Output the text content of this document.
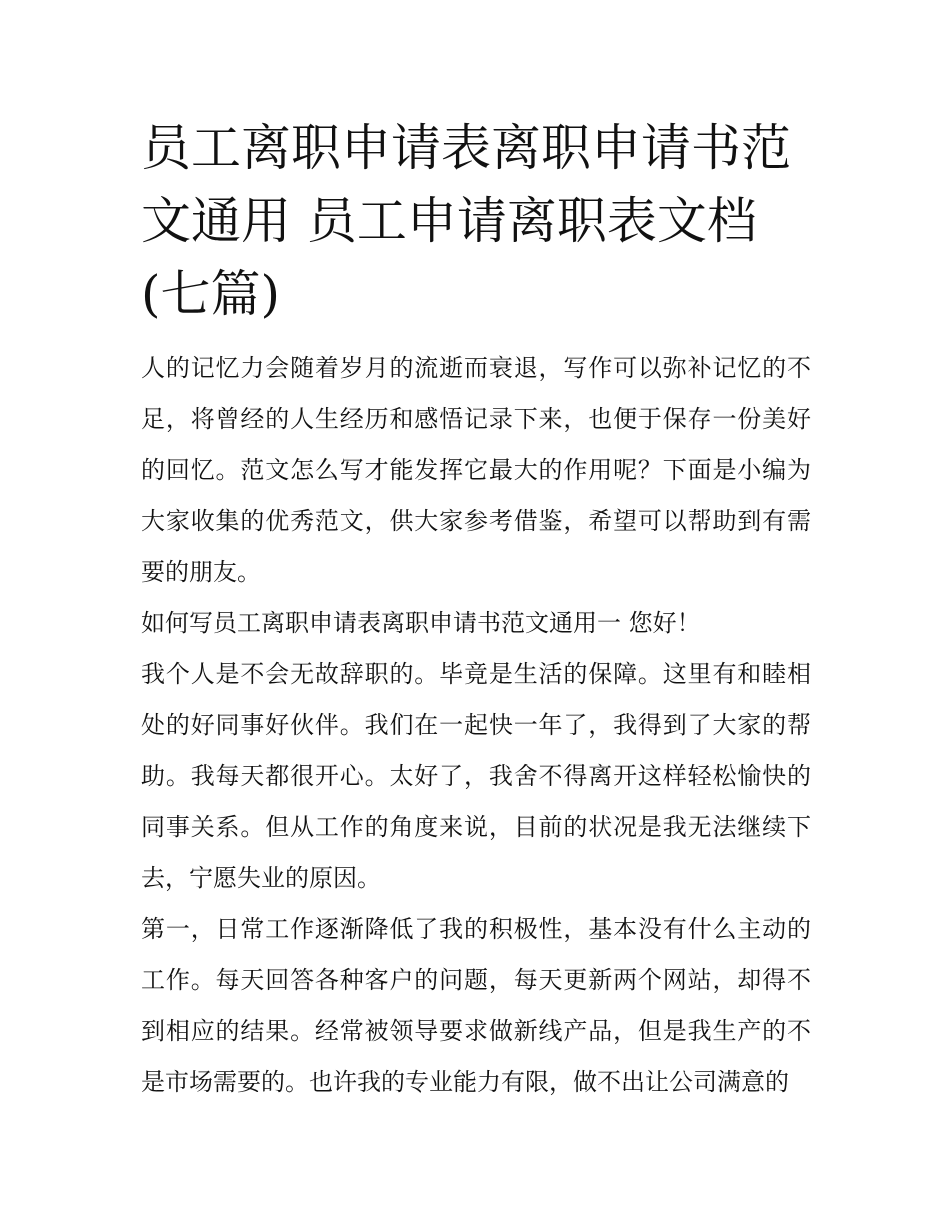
员工离职申请表离职申请书范文通用 员工申请离职表文档(七篇)

人的记忆力会随着岁月的流逝而衰退，写作可以弥补记忆的不足，将曾经的人生经历和感悟记录下来，也便于保存一份美好的回忆。范文怎么写才能发挥它最大的作用呢？下面是小编为大家收集的优秀范文，供大家参考借鉴，希望可以帮助到有需要的朋友。

如何写员工离职申请表离职申请书范文通用一 您好！

我个人是不会无故辞职的。毕竟是生活的保障。这里有和睦相处的好同事好伙伴。我们在一起快一年了，我得到了大家的帮助。我每天都很开心。太好了，我舍不得离开这样轻松愉快的同事关系。但从工作的角度来说，目前的状况是我无法继续下去，宁愿失业的原因。

第一，日常工作逐渐降低了我的积极性，基本没有什么主动的工作。每天回答各种客户的问题，每天更新两个网站，却得不到相应的结果。经常被领导要求做新线产品，但是我生产的不是市场需要的。也许我的专业能力有限，做不出让公司满意的
